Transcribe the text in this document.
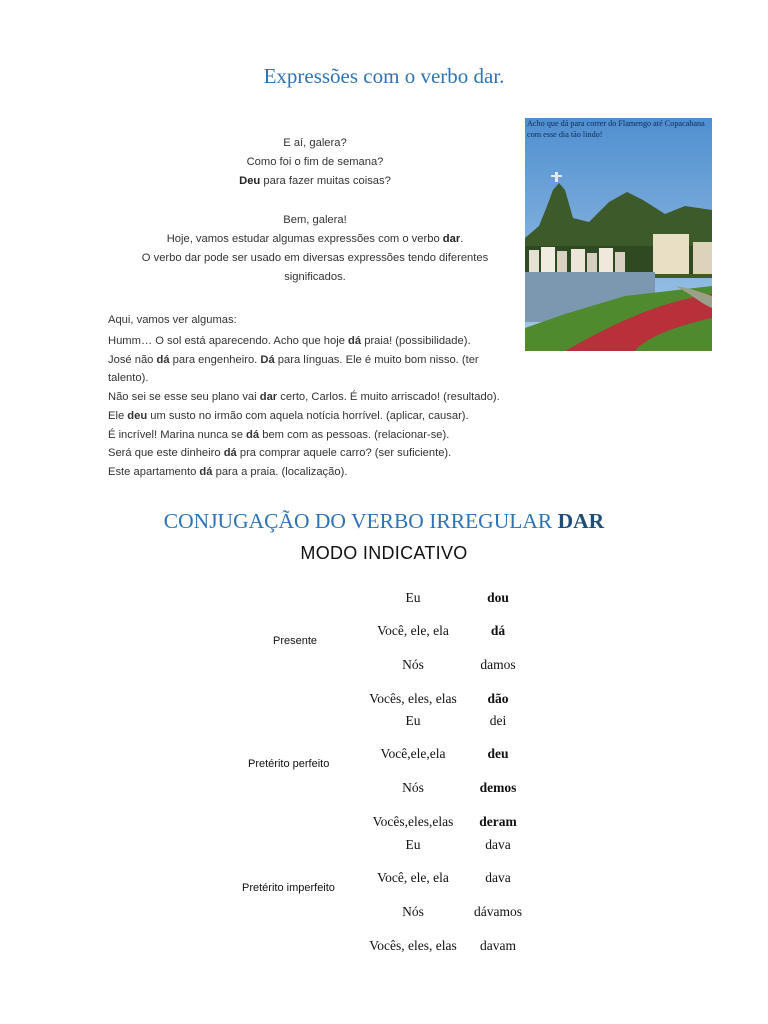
Expressões com o verbo dar.
E aí, galera?
Como foi o fim de semana?
Deu para fazer muitas coisas?
Bem, galera!
Hoje, vamos estudar algumas expressões com o verbo dar.
O verbo dar pode ser usado em diversas expressões tendo diferentes
significados.
Aqui, vamos ver algumas:
Humm… O sol está aparecendo. Acho que hoje dá praia! (possibilidade).
José não dá para engenheiro. Dá para línguas. Ele é muito bom nisso. (ter
talento).
Não sei se esse seu plano vai dar certo, Carlos. É muito arriscado! (resultado).
Ele deu um susto no irmão com aquela notícia horrível. (aplicar, causar).
É incrível! Marina nunca se dá bem com as pessoas. (relacionar-se).
Será que este dinheiro dá pra comprar aquele carro? (ser suficiente).
Este apartamento dá para a praia. (localização).
Acho que dá para correr do Flamengo até Copacabana com esse dia tão lindo!
CONJUGAÇÃO DO VERBO IRREGULAR DAR
MODO INDICATIVO
Presente
Eu	dou
Você, ele, ela	dá
Nós	damos
Vocês, eles, elas	dão
Pretérito perfeito
Eu	dei
Você,ele,ela	deu
Nós	demos
Vocês,eles,elas	deram
Pretérito imperfeito
Eu	dava
Você, ele, ela	dava
Nós	dávamos
Vocês, eles, elas	davam
